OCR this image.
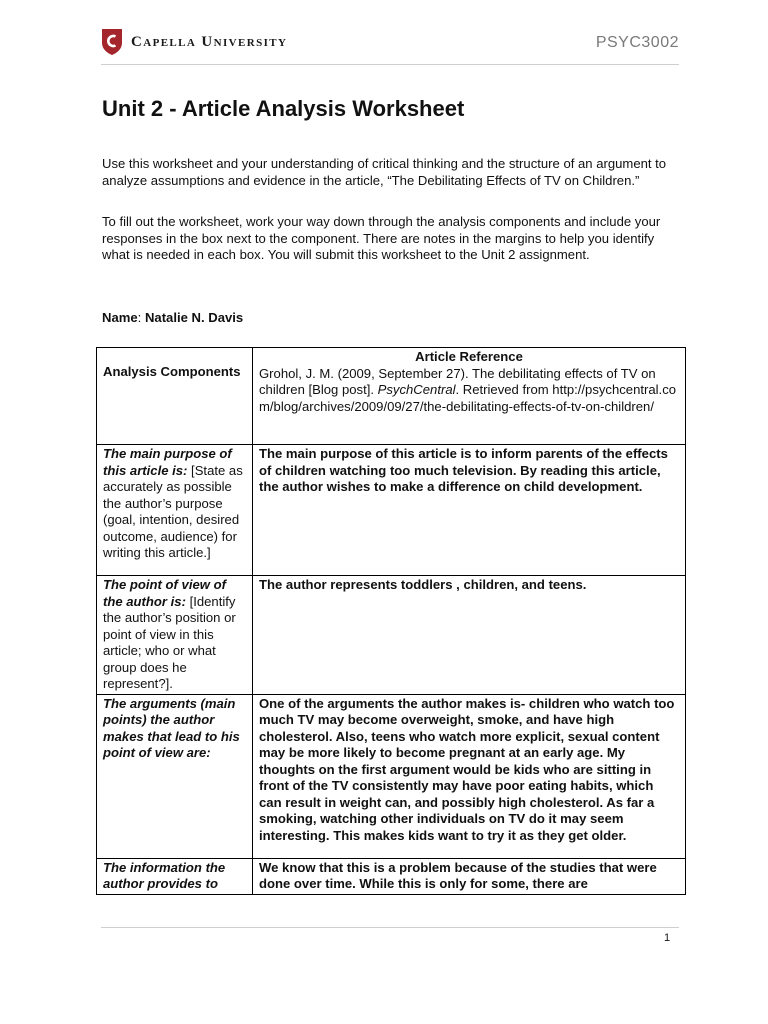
Capella University	PSYC3002
Unit 2 - Article Analysis Worksheet

Use this worksheet and your understanding of critical thinking and the structure of an argument to analyze assumptions and evidence in the article, “The Debilitating Effects of TV on Children.”

To fill out the worksheet, work your way down through the analysis components and include your responses in the box next to the component. There are notes in the margins to help you identify what is needed in each box. You will submit this worksheet to the Unit 2 assignment.

Name: Natalie N. Davis
Analysis Components	Article Reference
Grohol, J. M. (2009, September 27). The debilitating effects of TV on children [Blog post]. PsychCentral. Retrieved from http://psychcentral.com/blog/archives/2009/09/27/the-debilitating-effects-of-tv-on-children/

The main purpose of this article is: [State as accurately as possible the author’s purpose (goal, intention, desired outcome, audience) for writing this article.]	The main purpose of this article is to inform parents of the effects of children watching too much television. By reading this article, the author wishes to make a difference on child development.
The point of view of the author is: [Identify the author’s position or point of view in this article; who or what group does he represent?].	The author represents toddlers , children, and teens.
The arguments (main points) the author makes that lead to his point of view are:	One of the arguments the author makes is- children who watch too much TV may become overweight, smoke, and have high cholesterol. Also, teens who watch more explicit, sexual content may be more likely to become pregnant at an early age. My thoughts on the first argument would be kids who are sitting in front of the TV consistently may have poor eating habits, which can result in weight can, and possibly high cholesterol. As far a smoking, watching other individuals on TV do it may seem interesting. This makes kids want to try it as they get older.
The information the author provides to	We know that this is a problem because of the studies that were done over time. While this is only for some, there are
1
